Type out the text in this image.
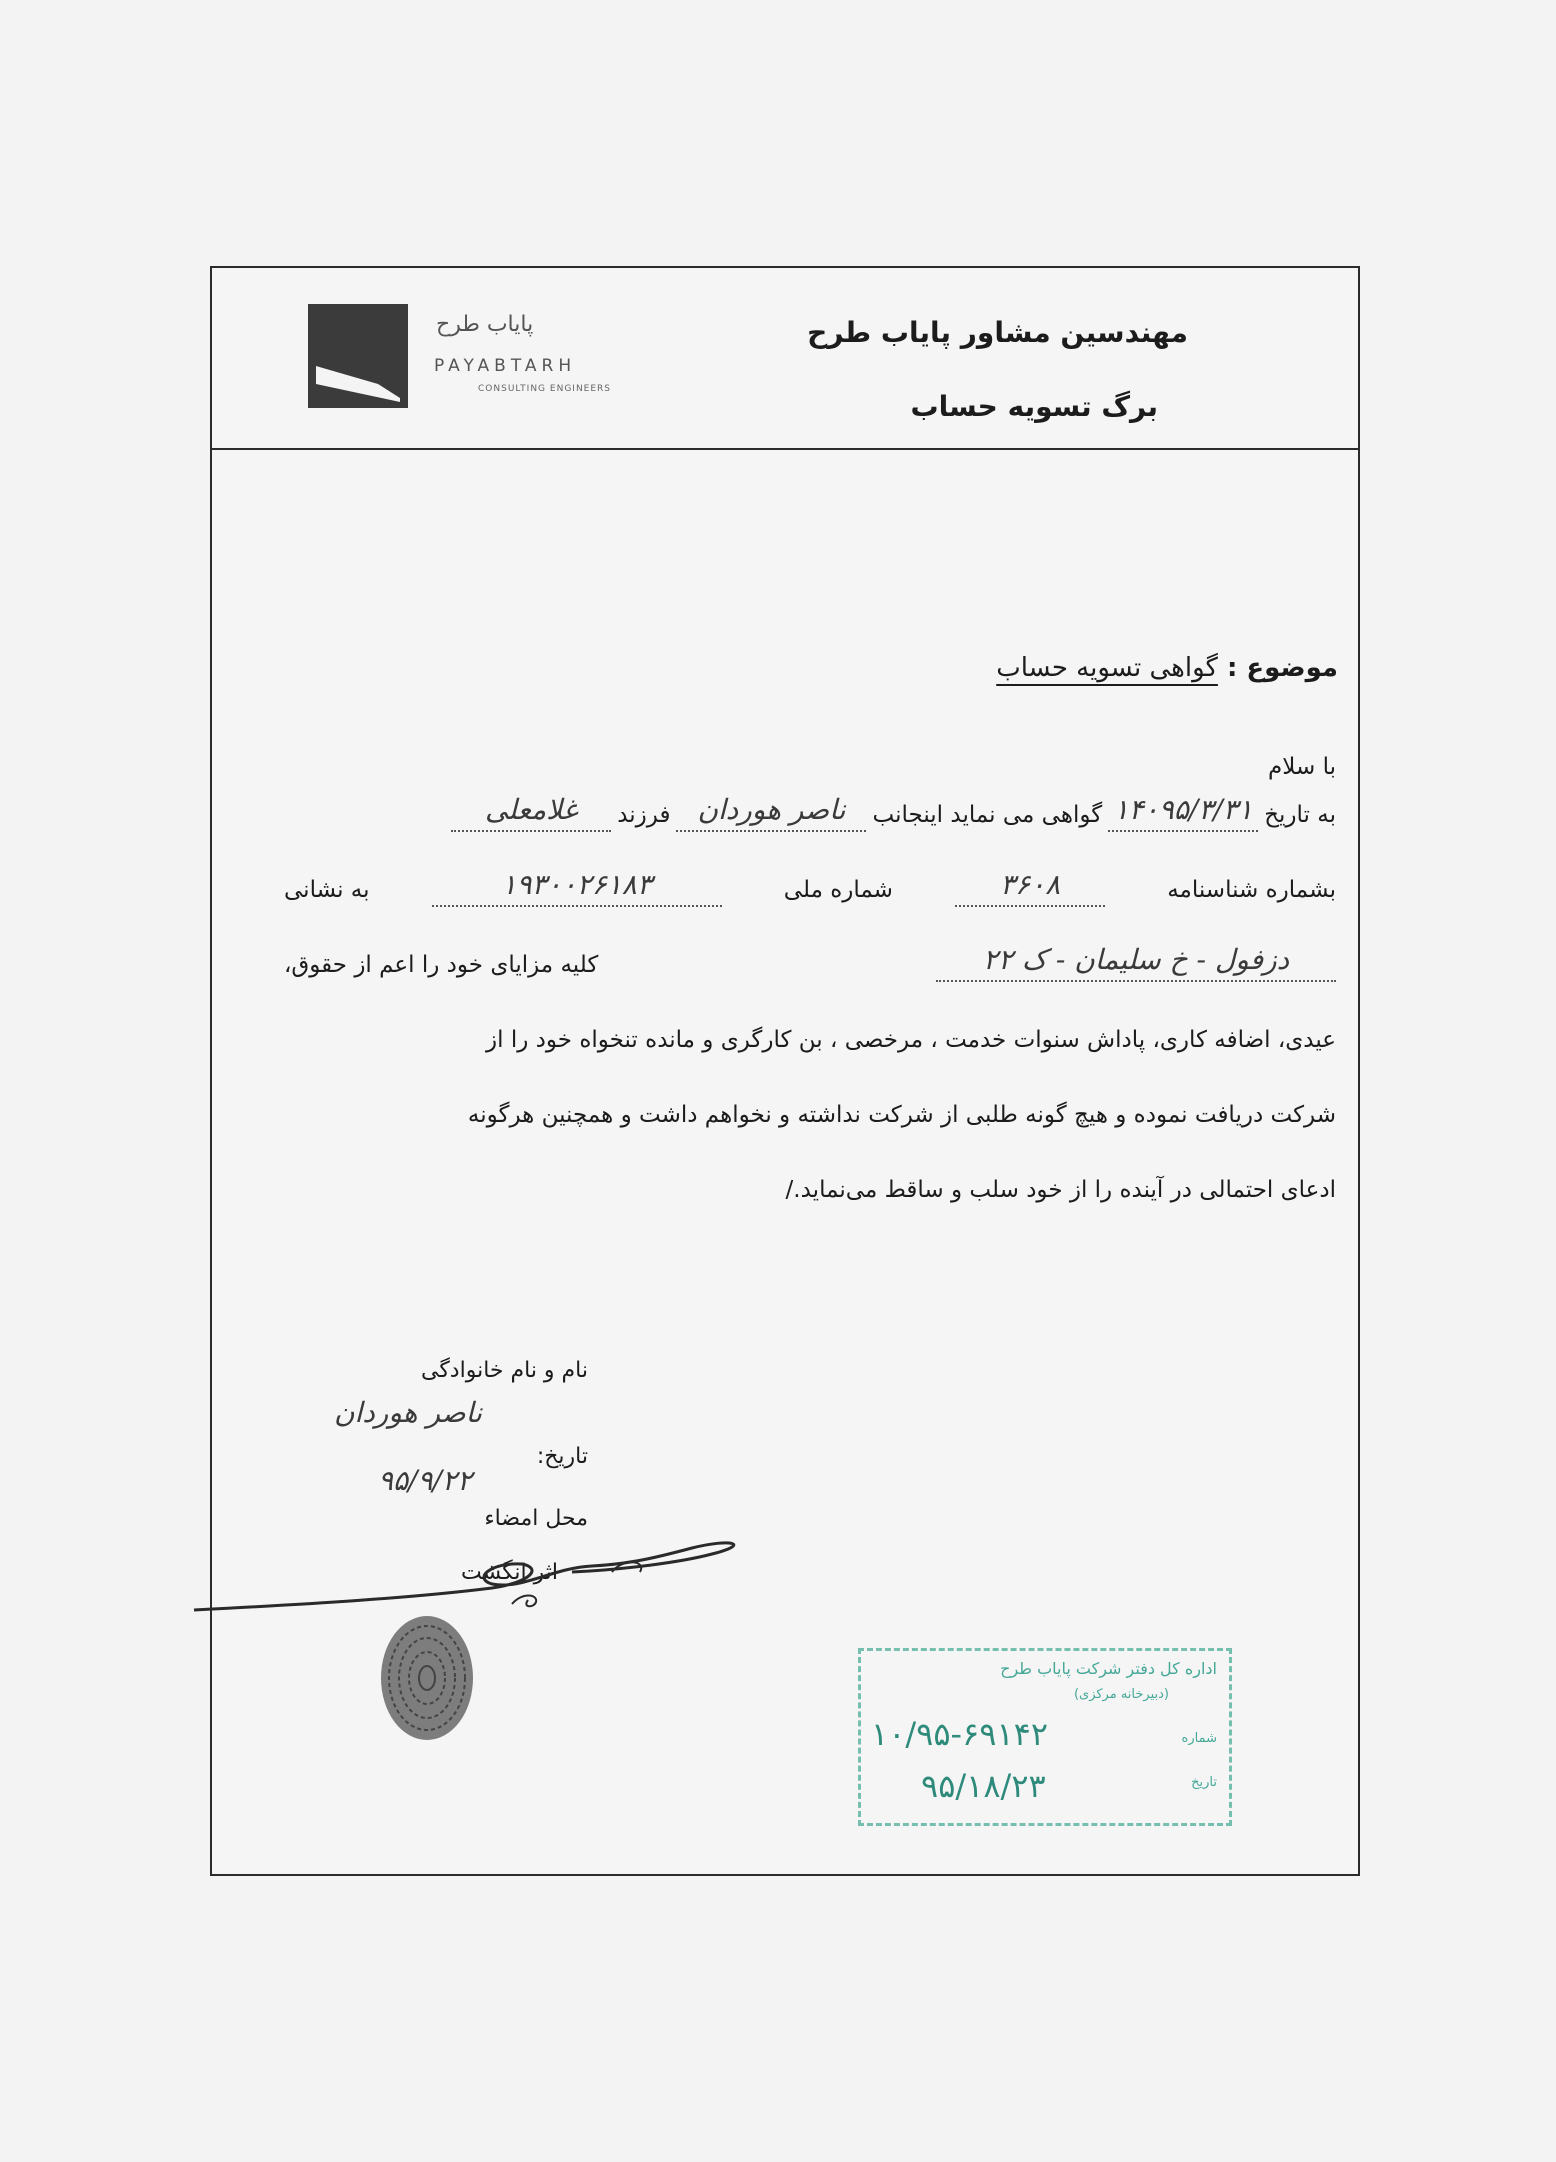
پایاب طرح
PAYABTARH
CONSULTING ENGINEERS
مهندسین مشاور پایاب طرح
برگ تسویه حساب
موضوع : گواهی تسویه حساب
با سلام
به تاریخ
۱۴۰۹۵/۳/۳۱
گواهی می نماید اینجانب
ناصر هوردان
فرزند
غلامعلی
بشماره شناسنامه
۳۶۰۸
شماره ملی
۱۹۳۰۰۲۶۱۸۳
به نشانی
دزفول - خ سلیمان - ک ۲۲
کلیه مزایای خود را اعم از حقوق،
عیدی، اضافه کاری، پاداش سنوات خدمت ، مرخصی ، بن کارگری و مانده تنخواه خود را از
شرکت دریافت نموده و هیچ گونه طلبی از شرکت نداشته و نخواهم داشت و همچنین هرگونه
ادعای احتمالی در آینده را از خود سلب و ساقط می‌نماید./
نام و نام خانوادگی
ناصر هوردان
تاریخ:
۹۵/۹/۲۲
محل امضاء
اثر انگشت
اداره کل دفتر شرکت پایاب طرح
(دبیرخانه مرکزی)
شماره
۱۰/۹۵-۶۹۱۴۲
تاریخ
۹۵/۱۸/۲۳
